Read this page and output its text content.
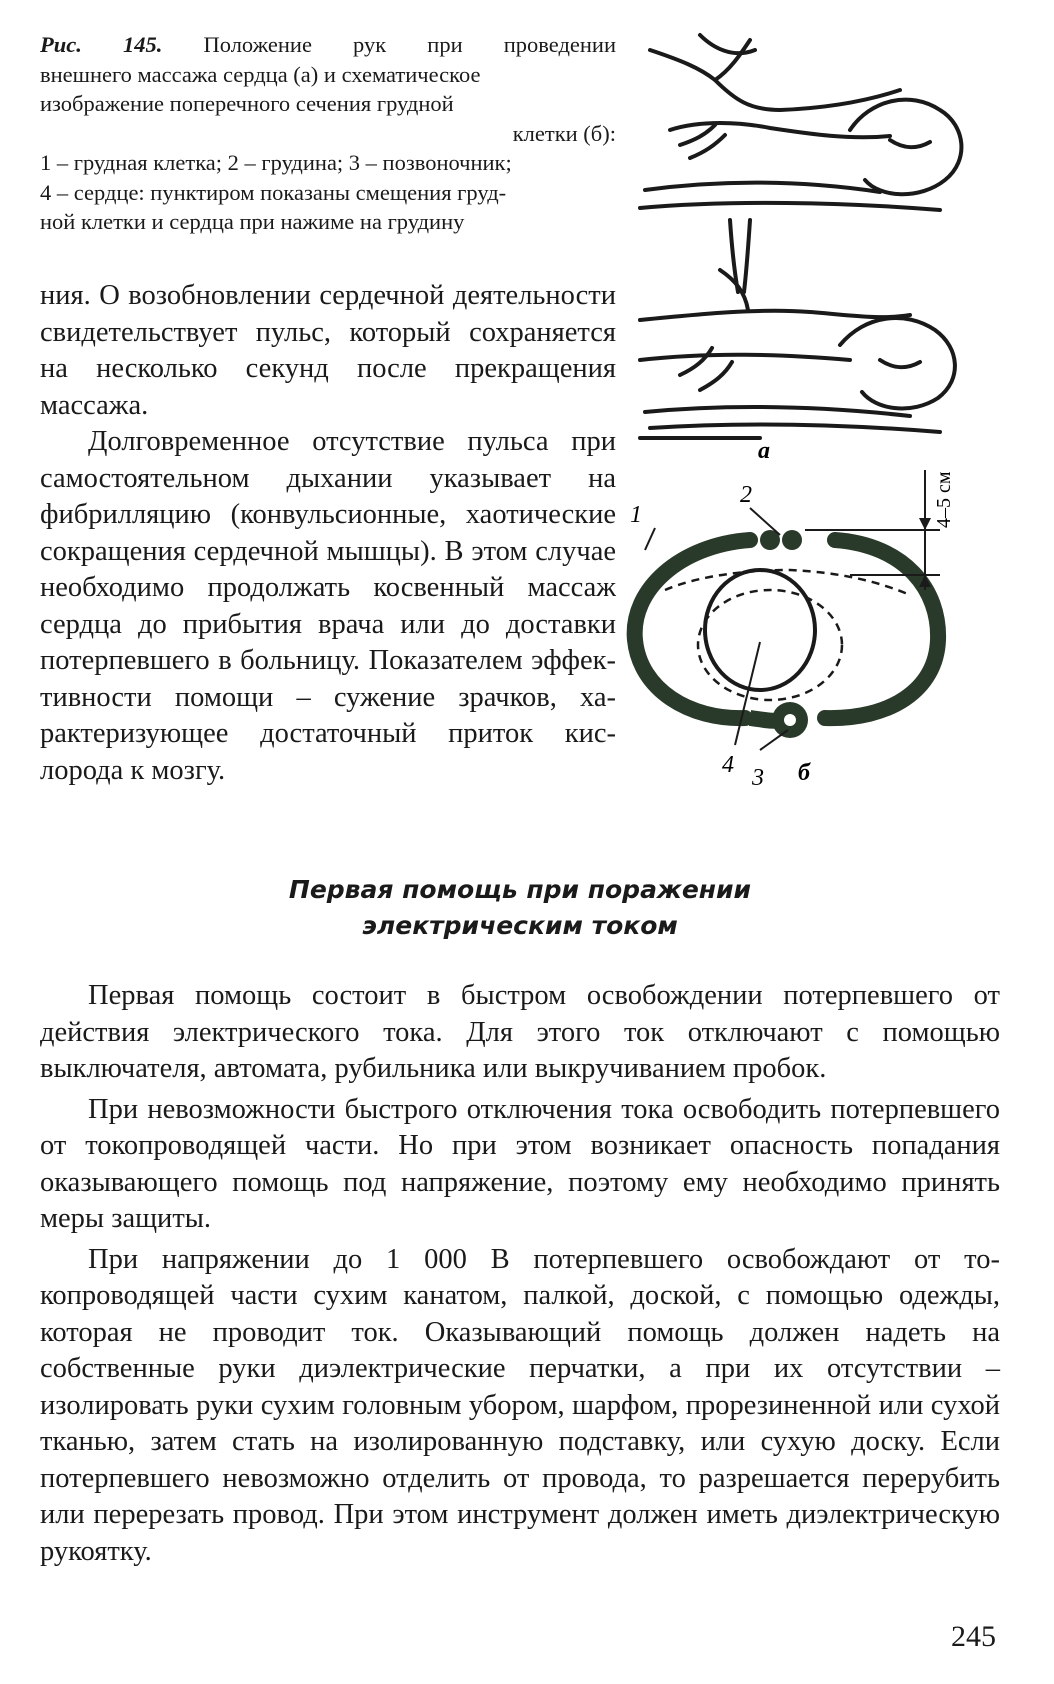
Рис. 145. Положение рук при проведении
внешнего массажа сердца (а) и схематическое
изображение поперечного сечения грудной
клетки (б):
1 – грудная клетка; 2 – грудина; 3 – позвоночник;
4 – сердце: пунктиром показаны смещения груд-
ной клетки и сердца при нажиме на грудину

ния. О возобновлении сердечной деятельности свидетельствует пульс, который сохраняется на несколько секунд после прекращения массажа.

Долговременное отсутствие пульса при самостоятельном дыхании указывает на фибрилляцию (конвульсионные, хаотические сокращения сердечной мышцы). В этом случае необходимо продолжать косвенный массаж сердца до прибытия врача или до доставки потерпевшего в больницу. Показателем эффективности помощи – сужение зрачков, характеризующее достаточный приток кислорода к мозгу.

а
1
2
3
4	б
4–5 см
Первая помощь при поражении
электрическим током

Первая помощь состоит в быстром освобождении потерпевшего от действия электрического тока. Для этого ток отключают с помощью выключателя, автомата, рубильника или выкручиванием пробок.

При невозможности быстрого отключения тока освободить потерпевшего от токопроводящей части. Но при этом возникает опасность попадания оказывающего помощь под напряжение, поэтому ему необходимо принять меры защиты.

При напряжении до 1 000 В потерпевшего освобождают от токопроводящей части сухим канатом, палкой, доской, с помощью одежды, которая не проводит ток. Оказывающий помощь должен надеть на собственные руки диэлектрические перчатки, а при их отсутствии – изолировать руки сухим головным убором, шарфом, прорезиненной или сухой тканью, затем стать на изолированную подставку, или сухую доску. Если потерпевшего невозможно отделить от провода, то разрешается перерубить или перерезать провод. При этом инструмент должен иметь диэлектрическую рукоятку.

245
